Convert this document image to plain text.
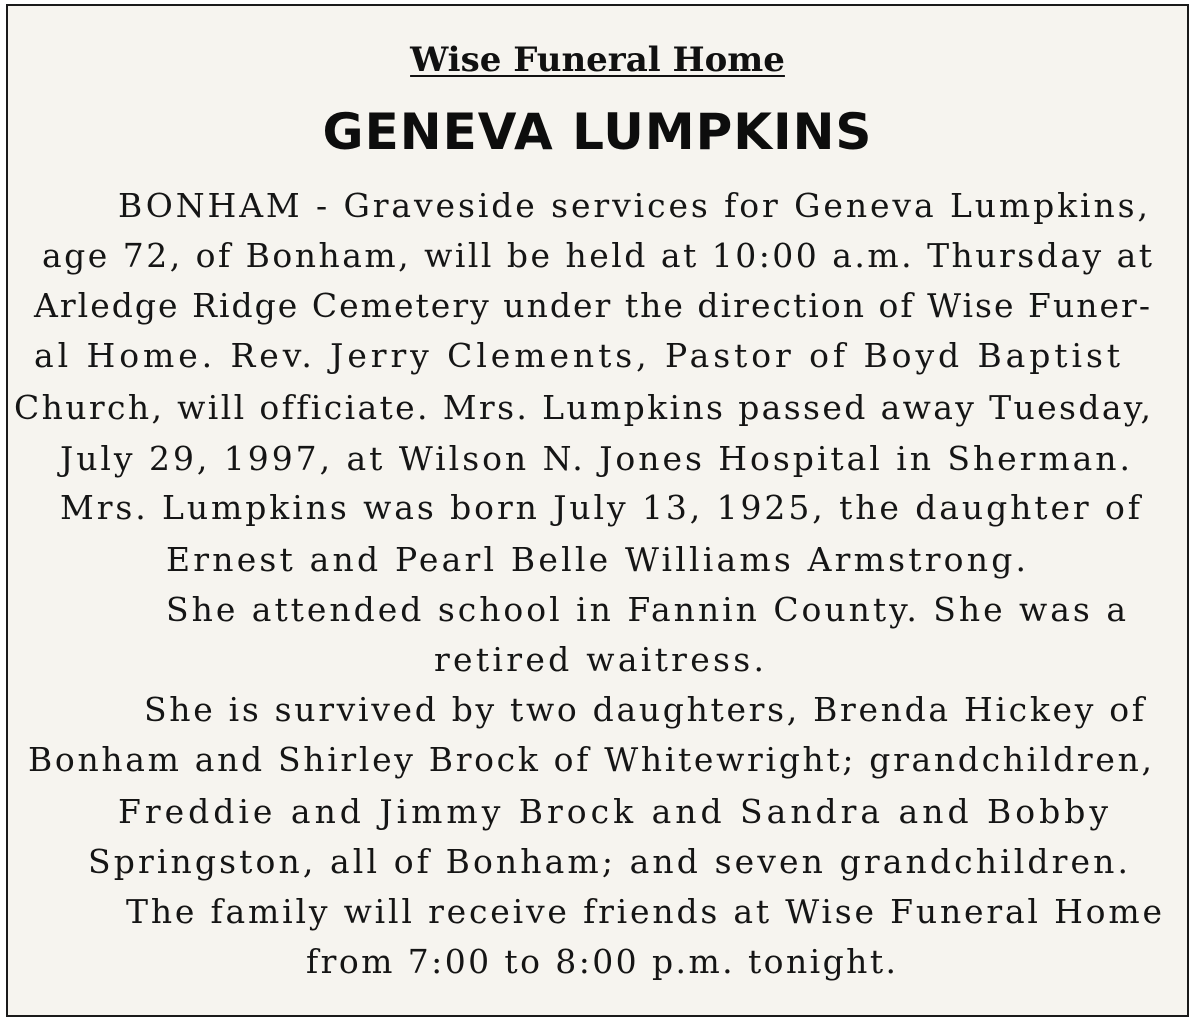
Wise Funeral Home
GENEVA LUMPKINS
BONHAM - Graveside services for Geneva Lumpkins,
age 72, of Bonham, will be held at 10:00 a.m. Thursday at
Arledge Ridge Cemetery under the direction of Wise Funer-
al Home. Rev. Jerry Clements, Pastor of Boyd Baptist
Church, will officiate. Mrs. Lumpkins passed away Tuesday,
July 29, 1997, at Wilson N. Jones Hospital in Sherman.
Mrs. Lumpkins was born July 13, 1925, the daughter of
Ernest and Pearl Belle Williams Armstrong.
She attended school in Fannin County. She was a
retired waitress.
She is survived by two daughters, Brenda Hickey of
Bonham and Shirley Brock of Whitewright; grandchildren,
Freddie and Jimmy Brock and Sandra and Bobby
Springston, all of Bonham; and seven grandchildren.
The family will receive friends at Wise Funeral Home
from 7:00 to 8:00 p.m. tonight.
